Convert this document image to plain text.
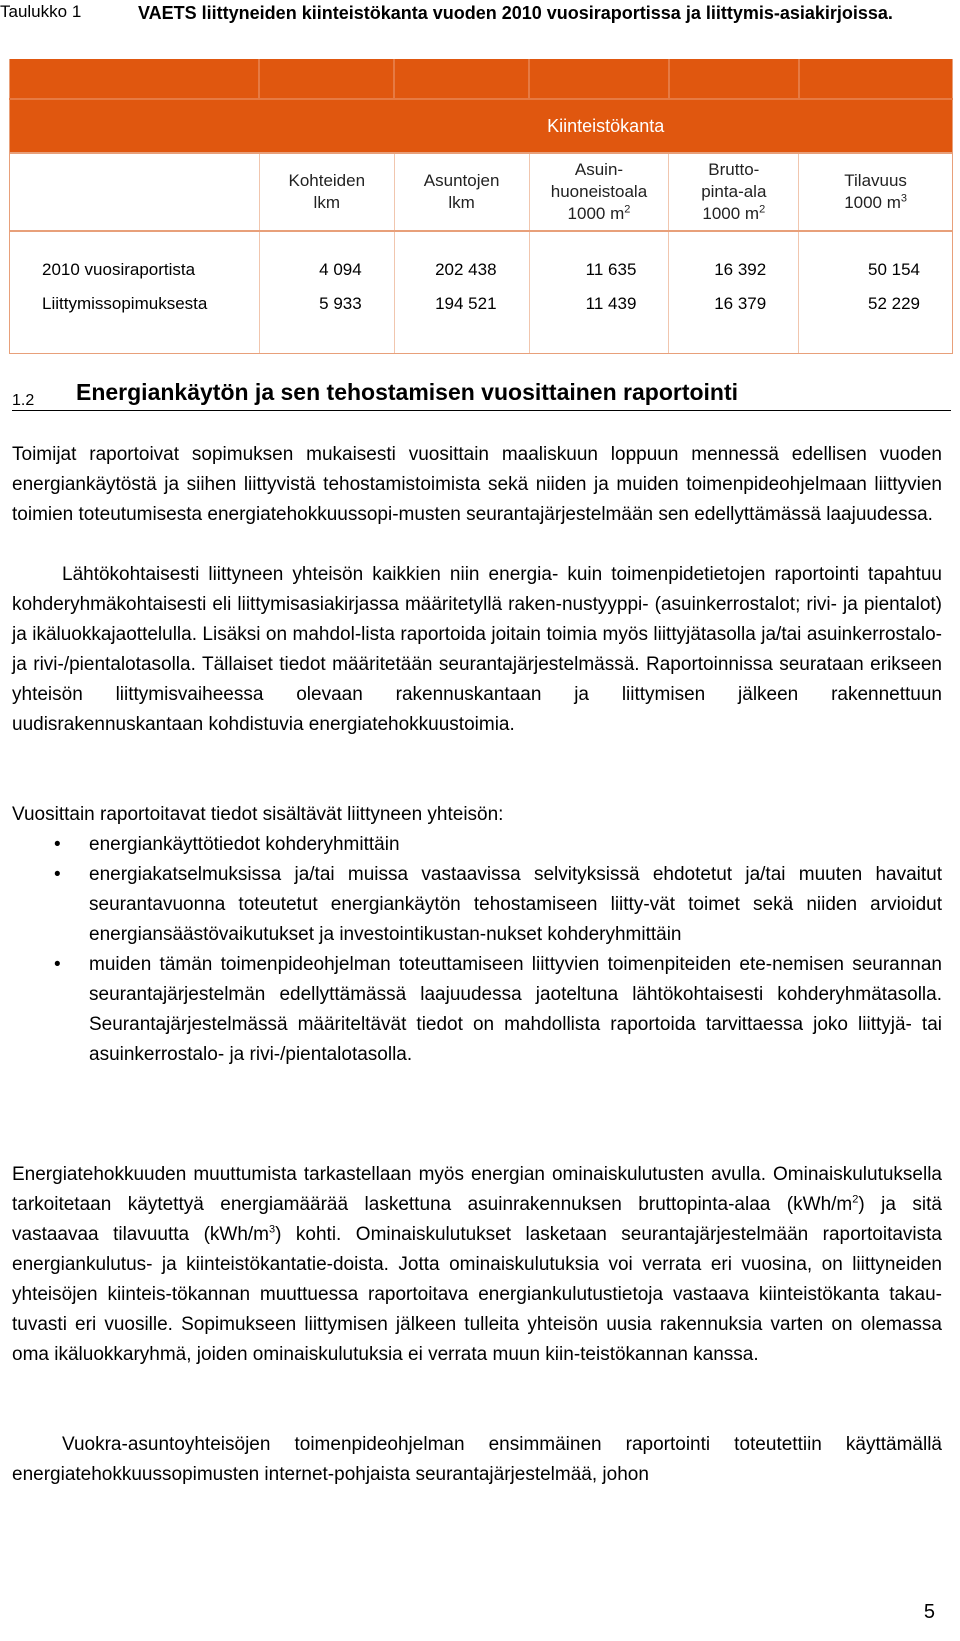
Taulukko 1	VAETS liittyneiden kiinteistökanta vuoden 2010 vuosiraportissa ja liittymis-asiakirjoissa.

	Kiinteistökanta				
	Kohteiden
lkm	Asuntojen
lkm	Asuin-
huoneistoala
1000 $m^2$	Brutto-
pinta-ala
1000 $m^2$	Tilavuus
1000 $m^3$

2010 vuosiraportista	4 094	202 438	11 635	16 392	50 154
Liittymissopimuksesta	5 933	194 521	11 439	16 379	52 229

1.2 Energiankäytön ja sen tehostamisen vuosittainen raportointi
Toimijat raportoivat sopimuksen mukaisesti vuosittain maaliskuun loppuun mennessä edellisen vuoden energiankäytöstä ja siihen liittyvistä tehostamistoimista sekä niiden ja muiden toimenpideohjelmaan liittyvien toimien toteutumisesta energiatehokkuussopi-musten seurantajärjestelmään sen edellyttämässä laajuudessa.
Lähtökohtaisesti liittyneen yhteisön kaikkien niin energia- kuin toimenpidetietojen raportointi tapahtuu kohderyhmäkohtaisesti eli liittymisasiakirjassa määritetyllä raken-nustyyppi- (asuinkerrostalot; rivi- ja pientalot) ja ikäluokkajaottelulla. Lisäksi on mahdol-lista raportoida joitain toimia myös liittyjätasolla ja/tai asuinkerrostalo- ja rivi-/pientalotasolla. Tällaiset tiedot määritetään seurantajärjestelmässä. Raportoinnissa seurataan erikseen yhteisön liittymisvaiheessa olevaan rakennuskantaan ja liittymisen jälkeen rakennettuun uudisrakennuskantaan kohdistuvia energiatehokkuustoimia.
Vuosittain raportoitavat tiedot sisältävät liittyneen yhteisön:
• energiankäyttötiedot kohderyhmittäin
• energiakatselmuksissa ja/tai muissa vastaavissa selvityksissä ehdotetut ja/tai muuten havaitut seurantavuonna toteutetut energiankäytön tehostamiseen liitty-vät toimet sekä niiden arvioidut energiansäästövaikutukset ja investointikustan-nukset kohderyhmittäin
• muiden tämän toimenpideohjelman toteuttamiseen liittyvien toimenpiteiden ete-nemisen seurannan seurantajärjestelmän edellyttämässä laajuudessa jaoteltuna lähtökohtaisesti kohderyhmätasolla. Seurantajärjestelmässä määriteltävät tiedot on mahdollista raportoida tarvittaessa joko liittyjä- tai asuinkerrostalo- ja rivi-/pientalotasolla.
Energiatehokkuuden muuttumista tarkastellaan myös energian ominaiskulutusten avulla. Ominaiskulutuksella tarkoitetaan käytettyä energiamäärää laskettuna asuinrakennuksen bruttopinta-alaa $(kWh/m^2)$ ja sitä vastaavaa tilavuutta $(kWh/m^3)$ kohti. Ominaiskulutukset lasketaan seurantajärjestelmään raportoitavista energiankulutus- ja kiinteistökantatie-doista. Jotta ominaiskulutuksia voi verrata eri vuosina, on liittyneiden yhteisöjen kiinteis-tökannan muuttuessa raportoitava energiankulutustietoja vastaava kiinteistökanta takau-tuvasti eri vuosille. Sopimukseen liittymisen jälkeen tulleita yhteisön uusia rakennuksia varten on olemassa oma ikäluokkaryhmä, joiden ominaiskulutuksia ei verrata muun kiin-teistökannan kanssa.
Vuokra-asuntoyhteisöjen toimenpideohjelman ensimmäinen raportointi toteutettiin käyttämällä energiatehokkuussopimusten internet-pohjaista seurantajärjestelmää, johon
5
